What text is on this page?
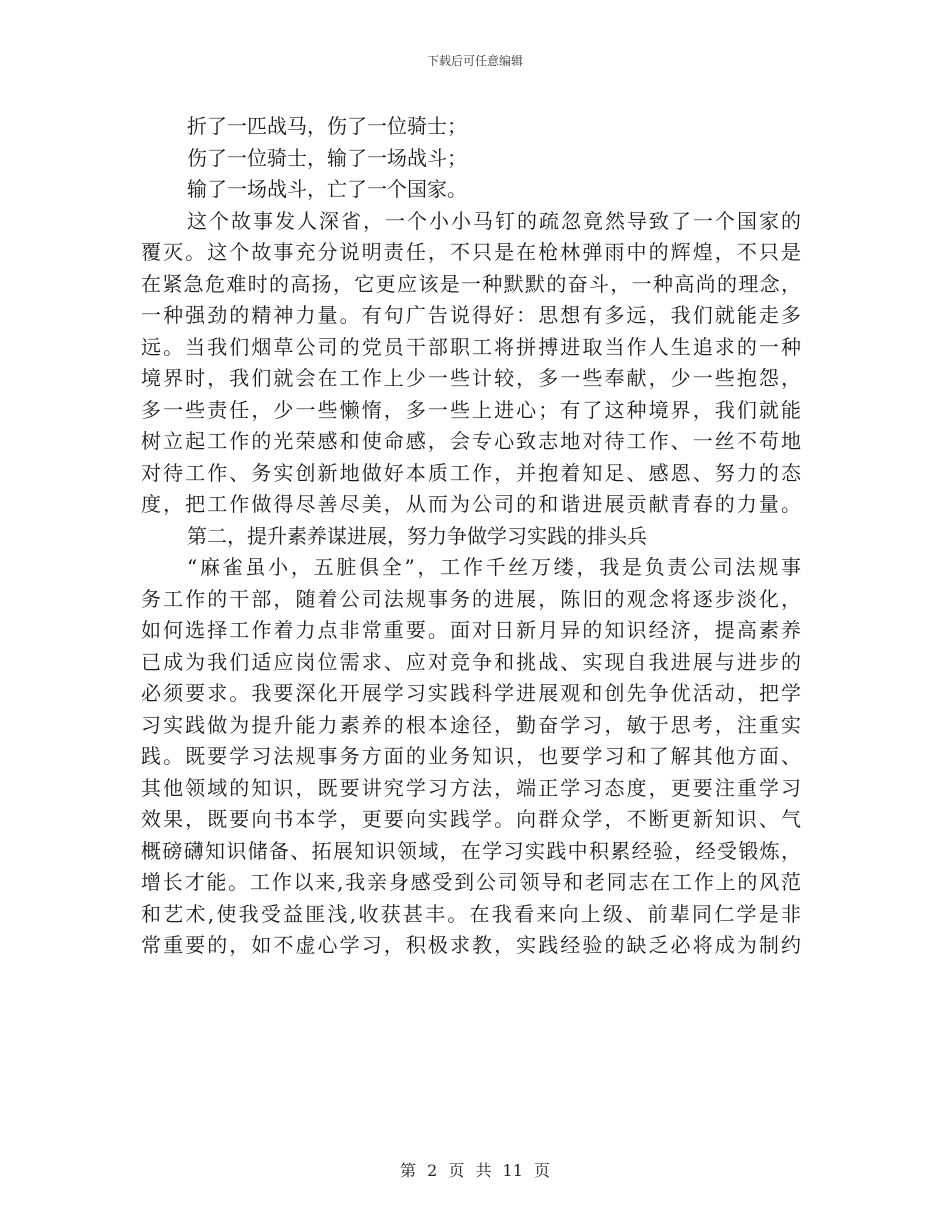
下载后可任意编辑
折了一匹战马，伤了一位骑士；
伤了一位骑士，输了一场战斗；
输了一场战斗，亡了一个国家。
这个故事发人深省，一个小小马钉的疏忽竟然导致了一个国家的
覆灭。这个故事充分说明责任，不只是在枪林弹雨中的辉煌，不只是
在紧急危难时的高扬，它更应该是一种默默的奋斗，一种高尚的理念，
一种强劲的精神力量。有句广告说得好：思想有多远，我们就能走多
远。当我们烟草公司的党员干部职工将拼搏进取当作人生追求的一种
境界时，我们就会在工作上少一些计较，多一些奉献，少一些抱怨，
多一些责任，少一些懒惰，多一些上进心；有了这种境界，我们就能
树立起工作的光荣感和使命感，会专心致志地对待工作、一丝不苟地
对待工作、务实创新地做好本质工作，并抱着知足、感恩、努力的态
度，把工作做得尽善尽美，从而为公司的和谐进展贡献青春的力量。
第二，提升素养谋进展，努力争做学习实践的排头兵
“麻雀虽小，五脏俱全”，工作千丝万缕，我是负责公司法规事
务工作的干部，随着公司法规事务的进展，陈旧的观念将逐步淡化，
如何选择工作着力点非常重要。面对日新月异的知识经济，提高素养
已成为我们适应岗位需求、应对竞争和挑战、实现自我进展与进步的
必须要求。我要深化开展学习实践科学进展观和创先争优活动，把学
习实践做为提升能力素养的根本途径，勤奋学习，敏于思考，注重实
践。既要学习法规事务方面的业务知识，也要学习和了解其他方面、
其他领域的知识，既要讲究学习方法，端正学习态度，更要注重学习
效果，既要向书本学，更要向实践学。向群众学，不断更新知识、气
概磅礴知识储备、拓展知识领域，在学习实践中积累经验，经受锻炼，
增长才能。工作以来,我亲身感受到公司领导和老同志在工作上的风范
和艺术,使我受益匪浅,收获甚丰。在我看来向上级、前辈同仁学是非
常重要的，如不虚心学习，积极求教，实践经验的缺乏必将成为制约
第 2 页 共 11 页
